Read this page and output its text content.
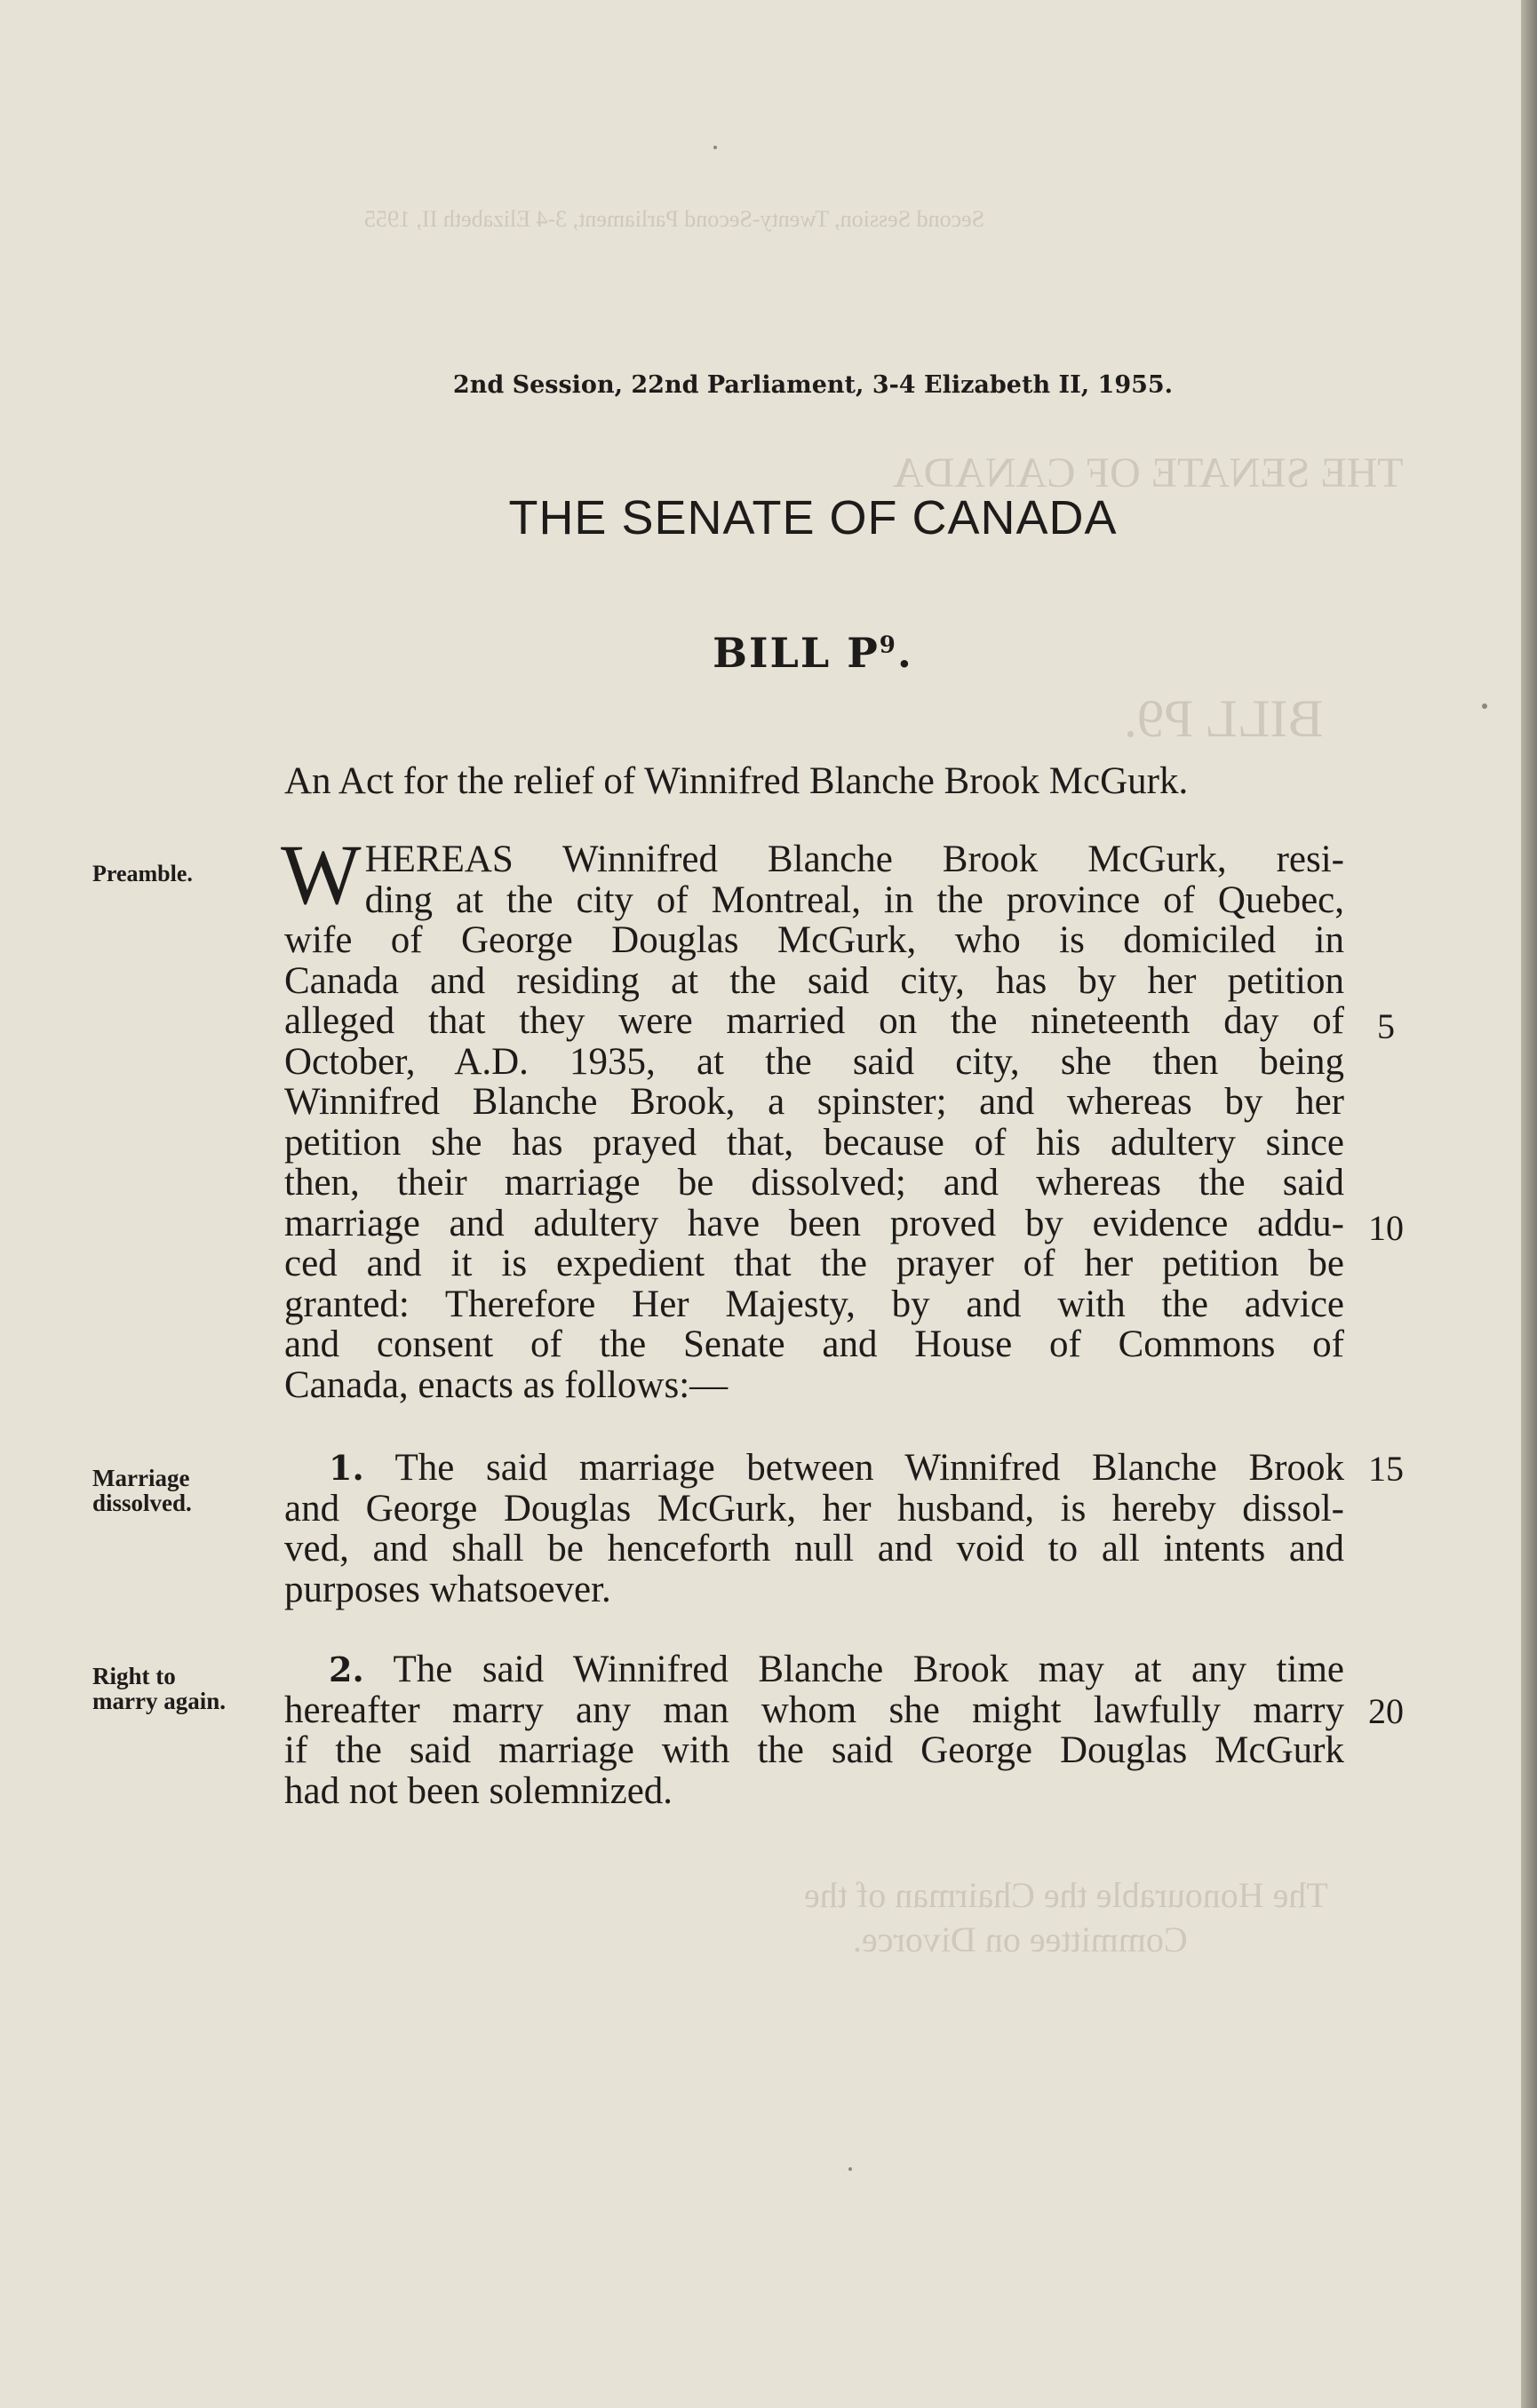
Second Session, Twenty-Second Parliament, 3-4 Elizabeth II, 1955
THE SENATE OF CANADA
BILL P9.
The Honourable the Chairman of the
Committee on Divorce.
2nd Session, 22nd Parliament, 3-4 Elizabeth II, 1955.
THE SENATE OF CANADA
BILL $P^9$.
An Act for the relief of Winnifred Blanche Brook McGurk.
Preamble.
Marriage
dissolved.
Right to
marry again.
W HEREAS Winnifred Blanche Brook McGurk, resi-
ding at the city of Montreal, in the province of Quebec,
wife of George Douglas McGurk, who is domiciled in
Canada and residing at the said city, has by her petition
alleged that they were married on the nineteenth day of
October, A.D. 1935, at the said city, she then being
Winnifred Blanche Brook, a spinster; and whereas by her
petition she has prayed that, because of his adultery since
then, their marriage be dissolved; and whereas the said
marriage and adultery have been proved by evidence addu-
ced and it is expedient that the prayer of her petition be
granted: Therefore Her Majesty, by and with the advice
and consent of the Senate and House of Commons of
Canada, enacts as follows:—
1. The said marriage between Winnifred Blanche Brook
and George Douglas McGurk, her husband, is hereby dissol-
ved, and shall be henceforth null and void to all intents and
purposes whatsoever.
2. The said Winnifred Blanche Brook may at any time
hereafter marry any man whom she might lawfully marry
if the said marriage with the said George Douglas McGurk
had not been solemnized.
5
10
15
20
